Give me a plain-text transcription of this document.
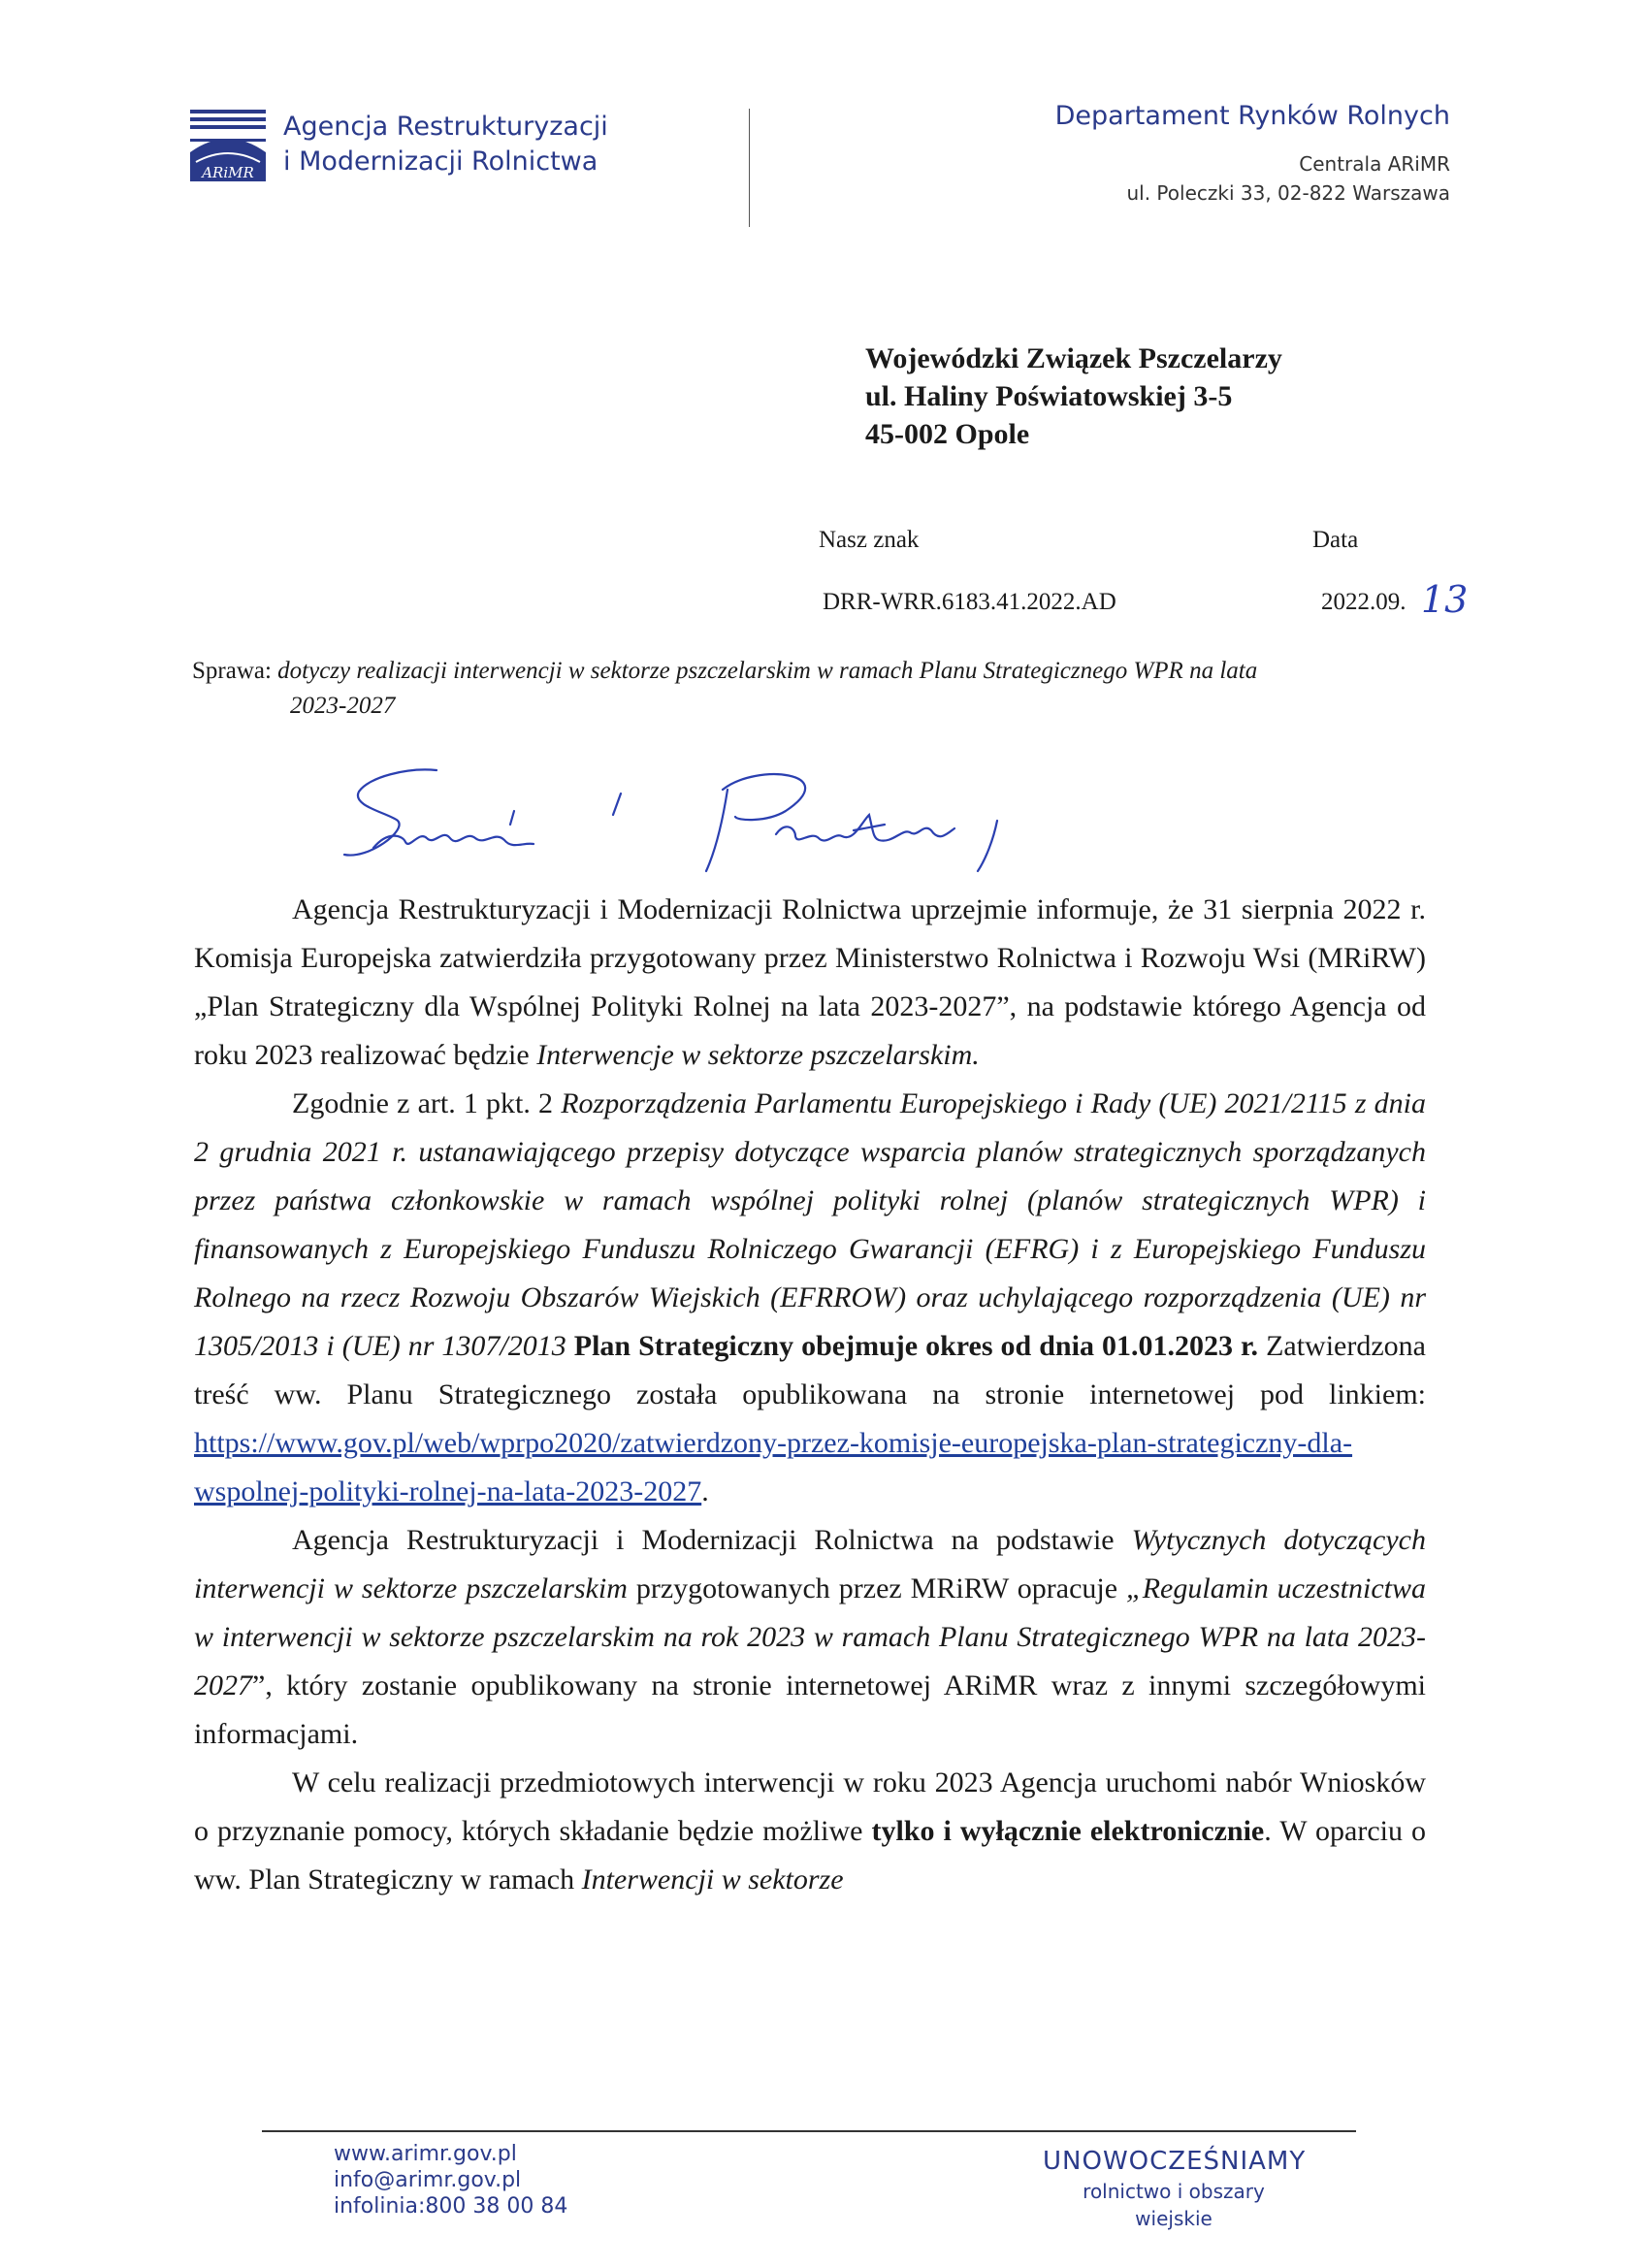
ARiMR
Agencja Restrukturyzacji
i Modernizacji Rolnictwa
Departament Rynków Rolnych
Centrala ARiMR
ul. Poleczki 33, 02-822 Warszawa
Wojewódzki Związek Pszczelarzy
ul. Haliny Poświatowskiej 3-5
45-002 Opole
Nasz znak	Data
DRR-WRR.6183.41.2022.AD	2022.09. 13
Sprawa: dotyczy realizacji interwencji w sektorze pszczelarskim w ramach Planu Strategicznego WPR na lata
2023-2027

Agencja Restrukturyzacji i Modernizacji Rolnictwa uprzejmie informuje, że 31 sierpnia 2022 r. Komisja Europejska zatwierdziła przygotowany przez Ministerstwo Rolnictwa i Rozwoju Wsi (MRiRW) „Plan Strategiczny dla Wspólnej Polityki Rolnej na lata 2023-2027”, na podstawie którego Agencja od roku 2023 realizować będzie Interwencje w sektorze pszczelarskim.

Zgodnie z art. 1 pkt. 2 Rozporządzenia Parlamentu Europejskiego i Rady (UE) 2021/2115 z dnia 2 grudnia 2021 r. ustanawiającego przepisy dotyczące wsparcia planów strategicznych sporządzanych przez państwa członkowskie w ramach wspólnej polityki rolnej (planów strategicznych WPR) i finansowanych z Europejskiego Funduszu Rolniczego Gwarancji (EFRG) i z Europejskiego Funduszu Rolnego na rzecz Rozwoju Obszarów Wiejskich (EFRROW) oraz uchylającego rozporządzenia (UE) nr 1305/2013 i (UE) nr 1307/2013 Plan Strategiczny obejmuje okres od dnia 01.01.2023 r. Zatwierdzona treść ww. Planu Strategicznego została opublikowana na stronie internetowej pod linkiem: https://www.gov.pl/web/wprpo2020/zatwierdzony-przez-komisje-europejska-plan-strategiczny-dla-wspolnej-polityki-rolnej-na-lata-2023-2027.

Agencja Restrukturyzacji i Modernizacji Rolnictwa na podstawie Wytycznych dotyczących interwencji w sektorze pszczelarskim przygotowanych przez MRiRW opracuje „Regulamin uczestnictwa w interwencji w sektorze pszczelarskim na rok 2023 w ramach Planu Strategicznego WPR na lata 2023-2027”, który zostanie opublikowany na stronie internetowej ARiMR wraz z innymi szczegółowymi informacjami.

W celu realizacji przedmiotowych interwencji w roku 2023 Agencja uruchomi nabór Wniosków o przyznanie pomocy, których składanie będzie możliwe tylko i wyłącznie elektronicznie. W oparciu o ww. Plan Strategiczny w ramach Interwencji w sektorze

www.arimr.gov.pl
info@arimr.gov.pl
infolinia:800 38 00 84
UNOWOCZEŚNIAMY
rolnictwo i obszary wiejskie
